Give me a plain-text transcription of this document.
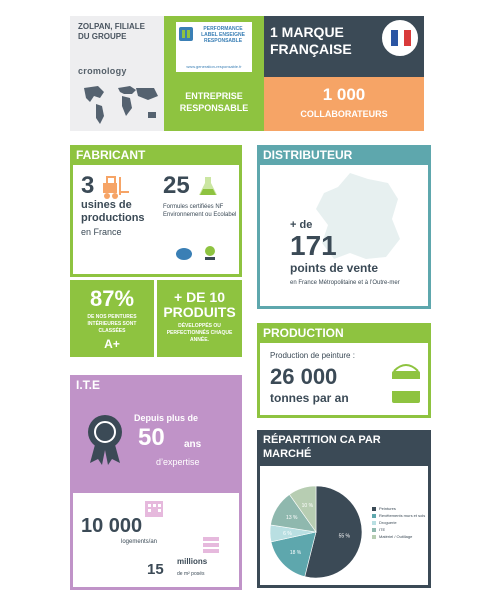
ZOLPAN, FILIALE DU GROUPE
cromology
PERFORMANCE LABEL ENSEIGNE RESPONSABLE
www.generation-responsable.fr
ENTREPRISE RESPONSABLE
1 MARQUE FRANÇAISE
1 000
COLLABORATEURS
FABRICANT
3
usines de productions
en France
25
Formules certifiées NF Environnement ou Ecolabel
87%
DE NOS PEINTURES INTÉRIEURES SONT CLASSÉES
A+
+ DE 10 PRODUITS
DÉVELOPPÉS OU PERFECTIONNÉS CHAQUE ANNÉE.
DISTRIBUTEUR
+ de
171
points de vente
en France Métropolitaine et à l’Outre-mer
PRODUCTION
Production de peinture :
26 000
tonnes par an
I.T.E
Depuis plus de
50 ans
d’expertise
10 000
logements/an
15 millions
de m² posés
RÉPARTITION CA PAR MARCHÉ
55 %
18 %
6 %
13 %
10 %	Peintures
Revêtements murs et sols
Droguerie
ITE
Matériel / Outillage
